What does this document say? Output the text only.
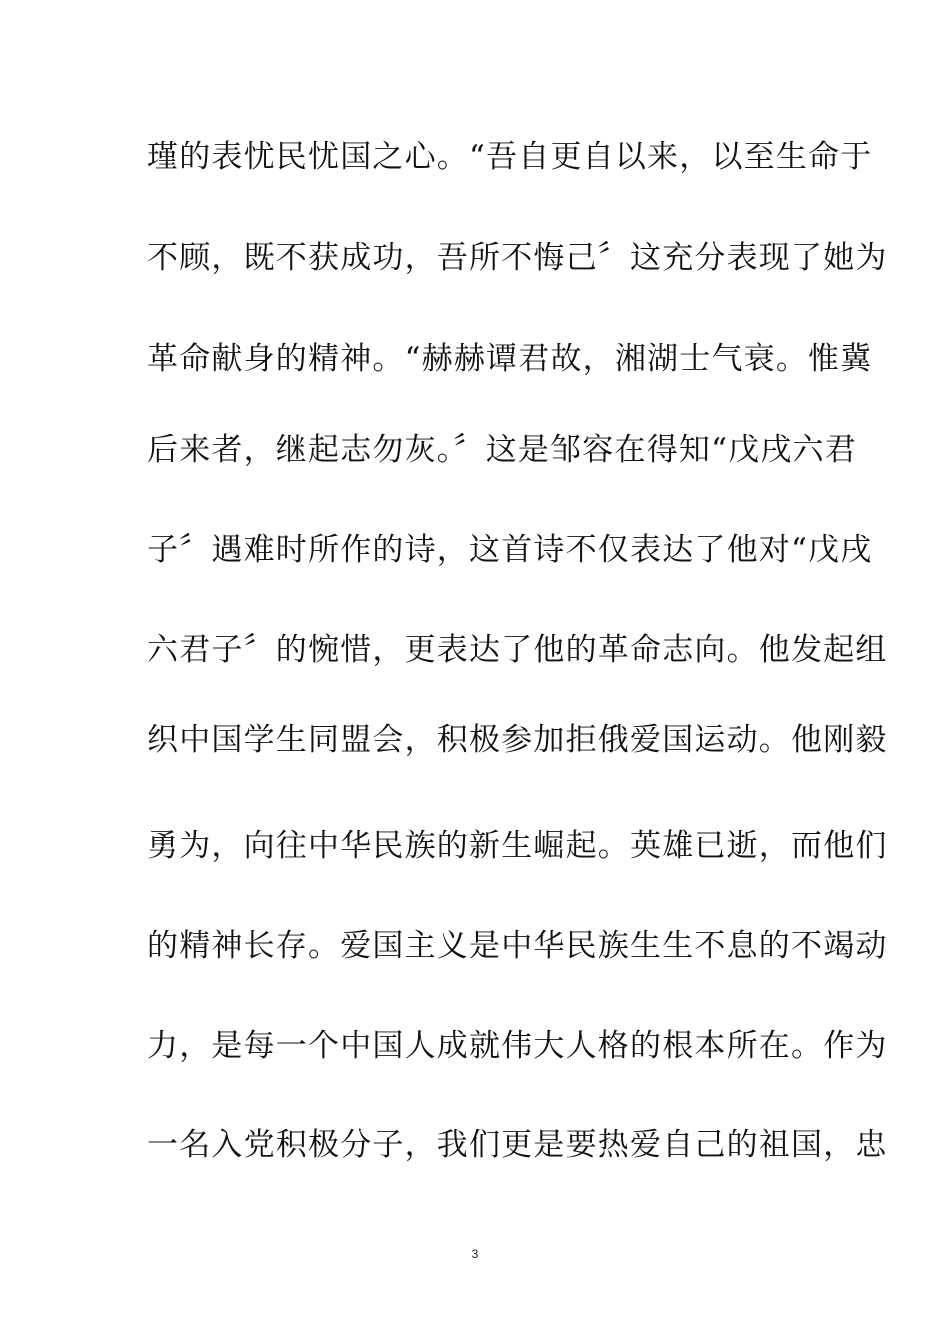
瑾的表忧民忧国之心。“吾自更自以来，以至生命于
不顾，既不获成功，吾所不悔己〞这充分表现了她为
革命献身的精神。“赫赫谭君故，湘湖士气衰。惟冀
后来者，继起志勿灰。〞这是邹容在得知“戊戌六君
子〞遇难时所作的诗，这首诗不仅表达了他对“戊戌
六君子〞的惋惜，更表达了他的革命志向。他发起组
织中国学生同盟会，积极参加拒俄爱国运动。他刚毅
勇为，向往中华民族的新生崛起。英雄已逝，而他们
的精神长存。爱国主义是中华民族生生不息的不竭动
力，是每一个中国人成就伟大人格的根本所在。作为
一名入党积极分子，我们更是要热爱自己的祖国，忠
3
